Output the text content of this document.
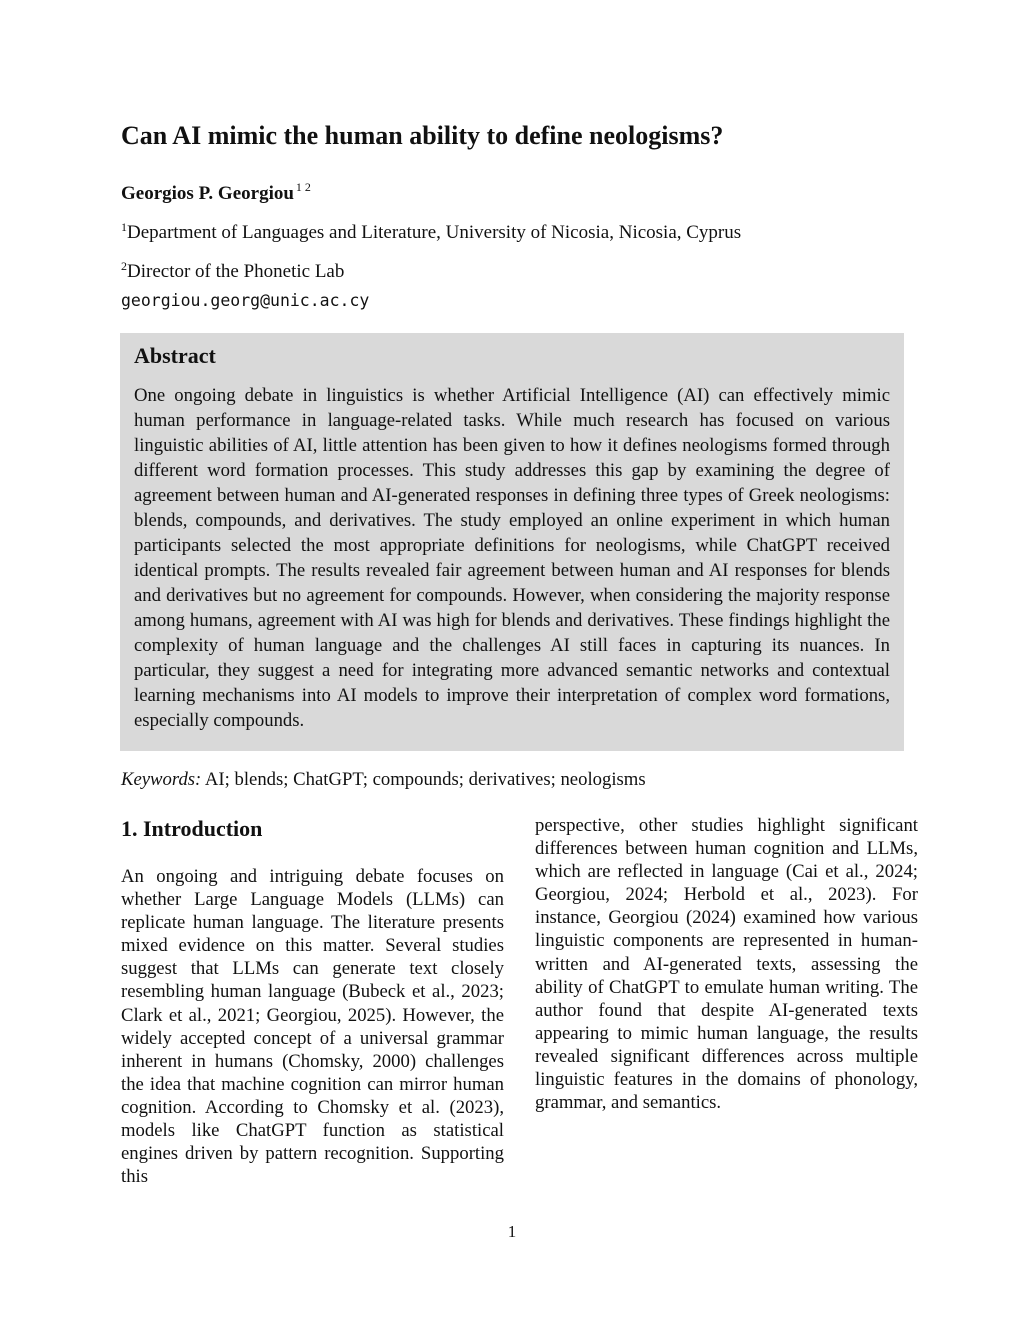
Can AI mimic the human ability to define neologisms?
Georgios P. Georgiou $^{1 2}$
$^1$Department of Languages and Literature, University of Nicosia, Nicosia, Cyprus
$^2$Director of the Phonetic Lab
georgiou.georg@unic.ac.cy
Abstract
One ongoing debate in linguistics is whether Artificial Intelligence (AI) can effectively mimic human performance in language-related tasks. While much research has focused on various linguistic abilities of AI, little attention has been given to how it defines neologisms formed through different word formation processes. This study addresses this gap by examining the degree of agreement between human and AI-generated responses in defining three types of Greek neologisms: blends, compounds, and derivatives. The study employed an online experiment in which human participants selected the most appropriate definitions for neologisms, while ChatGPT received identical prompts. The results revealed fair agreement between human and AI responses for blends and derivatives but no agreement for compounds. However, when considering the majority response among humans, agreement with AI was high for blends and derivatives. These findings highlight the complexity of human language and the challenges AI still faces in capturing its nuances. In particular, they suggest a need for integrating more advanced semantic networks and contextual learning mechanisms into AI models to improve their interpretation of complex word formations, especially compounds.
Keywords: AI; blends; ChatGPT; compounds; derivatives; neologisms
1. Introduction

An ongoing and intriguing debate focuses on whether Large Language Models (LLMs) can replicate human language. The literature presents mixed evidence on this matter. Several studies suggest that LLMs can generate text closely resembling human language (Bubeck et al., 2023; Clark et al., 2021; Georgiou, 2025). However, the widely accepted concept of a universal grammar inherent in humans (Chomsky, 2000) challenges the idea that machine cognition can mirror human cognition. According to Chomsky et al. (2023), models like ChatGPT function as statistical engines driven by pattern recognition. Supporting this

perspective, other studies highlight significant differences between human cognition and LLMs, which are reflected in language (Cai et al., 2024; Georgiou, 2024; Herbold et al., 2023). For instance, Georgiou (2024) examined how various linguistic components are represented in human-written and AI-generated texts, assessing the ability of ChatGPT to emulate human writing. The author found that despite AI-generated texts appearing to mimic human language, the results revealed significant differences across multiple linguistic features in the domains of phonology, grammar, and semantics.

1
